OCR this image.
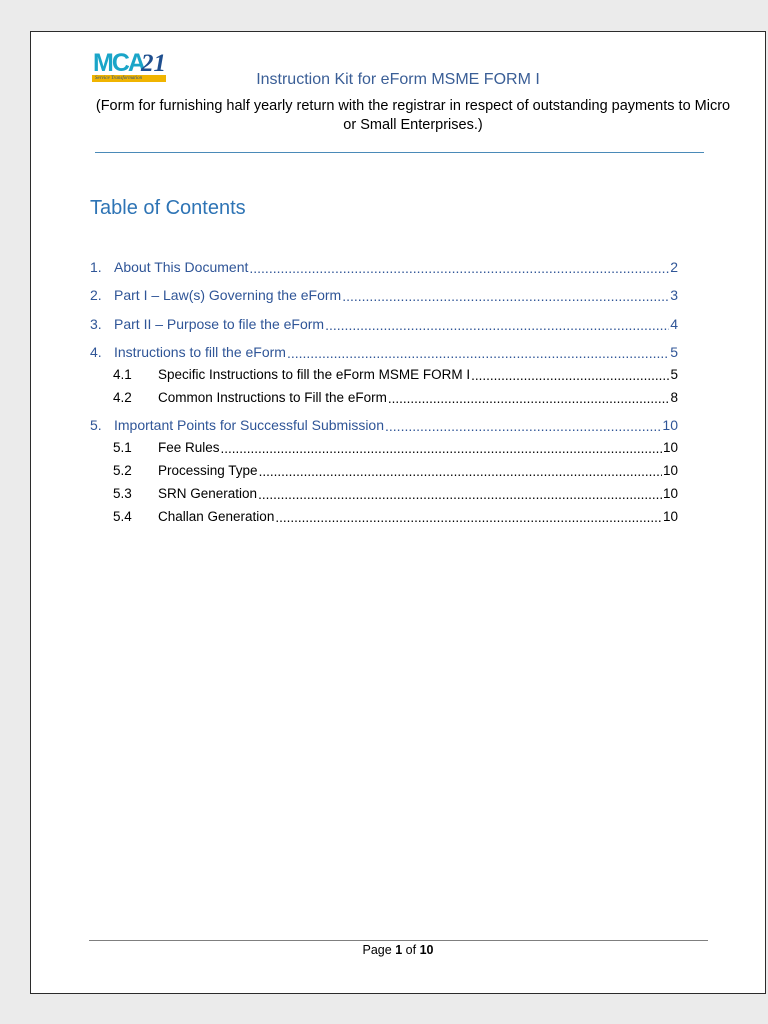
MCA
21
Service Transformation	Instruction Kit for eForm MSME FORM I
(Form for furnishing half yearly return with the registrar in respect of outstanding payments to Micro or Small Enterprises.)
Table of Contents
1. About This Document .....	2
2. Part I – Law(s) Governing the eForm .....	3
3. Part II – Purpose to file the eForm .....	4
4. Instructions to fill the eForm .....	5
4.1	Specific Instructions to fill the eForm MSME FORM I .....	5
4.2	Common Instructions to Fill the eForm .....	8
5. Important Points for Successful Submission .....	10
5.1	Fee Rules .....	10
5.2	Processing Type .....	10
5.3	SRN Generation .....	10
5.4	Challan Generation .....	10
Page 1 of 10
